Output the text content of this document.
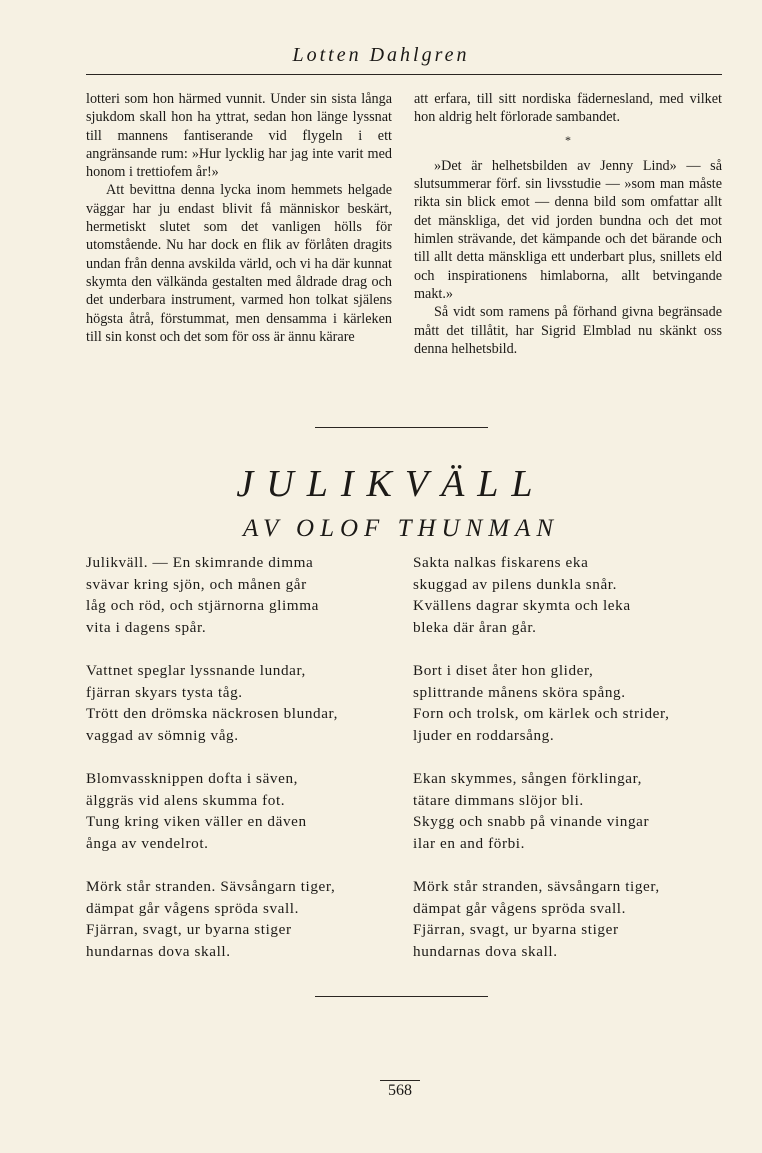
Lotten Dahlgren

lotteri som hon härmed vunnit. Under sin sista långa sjukdom skall hon ha yttrat, sedan hon länge lyssnat till mannens fantiserande vid flygeln i ett angränsande rum: »Hur lycklig har jag inte varit med honom i trettiofem år!»

Att bevittna denna lycka inom hemmets helgade väggar har ju endast blivit få människor beskärt, hermetiskt slutet som det vanligen hölls för utomstående. Nu har dock en flik av förlåten dragits undan från denna avskilda värld, och vi ha där kunnat skymta den välkända gestalten med åldrade drag och det underbara instrument, varmed hon tolkat själens högsta åtrå, förstummat, men densamma i kärleken till sin konst och det som för oss är ännu kärare

att erfara, till sitt nordiska fädernesland, med vilket hon aldrig helt förlorade sambandet.

*

»Det är helhetsbilden av Jenny Lind» — så slutsummerar förf. sin livsstudie — »som man måste rikta sin blick emot — denna bild som omfattar allt det mänskliga, det vid jorden bundna och det mot himlen strävande, det kämpande och det bärande och till allt detta mänskliga ett underbart plus, snillets eld och inspirationens himlaborna, allt betvingande makt.»

Så vidt som ramens på förhand givna begränsade mått det tillåtit, har Sigrid Elmblad nu skänkt oss denna helhetsbild.

JULIKVÄLL
AV OLOF THUNMAN
Julikväll. — En skimrande dimma
svävar kring sjön, och månen går
låg och röd, och stjärnorna glimma
vita i dagens spår.
Vattnet speglar lyssnande lundar,
fjärran skyars tysta tåg.
Trött den drömska näckrosen blundar,
vaggad av sömnig våg.
Blomvassknippen dofta i säven,
älggräs vid alens skumma fot.
Tung kring viken väller en däven
ånga av vendelrot.
Mörk står stranden. Sävsångarn tiger,
dämpat går vågens spröda svall.
Fjärran, svagt, ur byarna stiger
hundarnas dova skall.
Sakta nalkas fiskarens eka
skuggad av pilens dunkla snår.
Kvällens dagrar skymta och leka
bleka där åran går.
Bort i diset åter hon glider,
splittrande månens sköra spång.
Forn och trolsk, om kärlek och strider,
ljuder en roddarsång.
Ekan skymmes, sången förklingar,
tätare dimmans slöjor bli.
Skygg och snabb på vinande vingar
ilar en and förbi.
Mörk står stranden, sävsångarn tiger,
dämpat går vågens spröda svall.
Fjärran, svagt, ur byarna stiger
hundarnas dova skall.
568
